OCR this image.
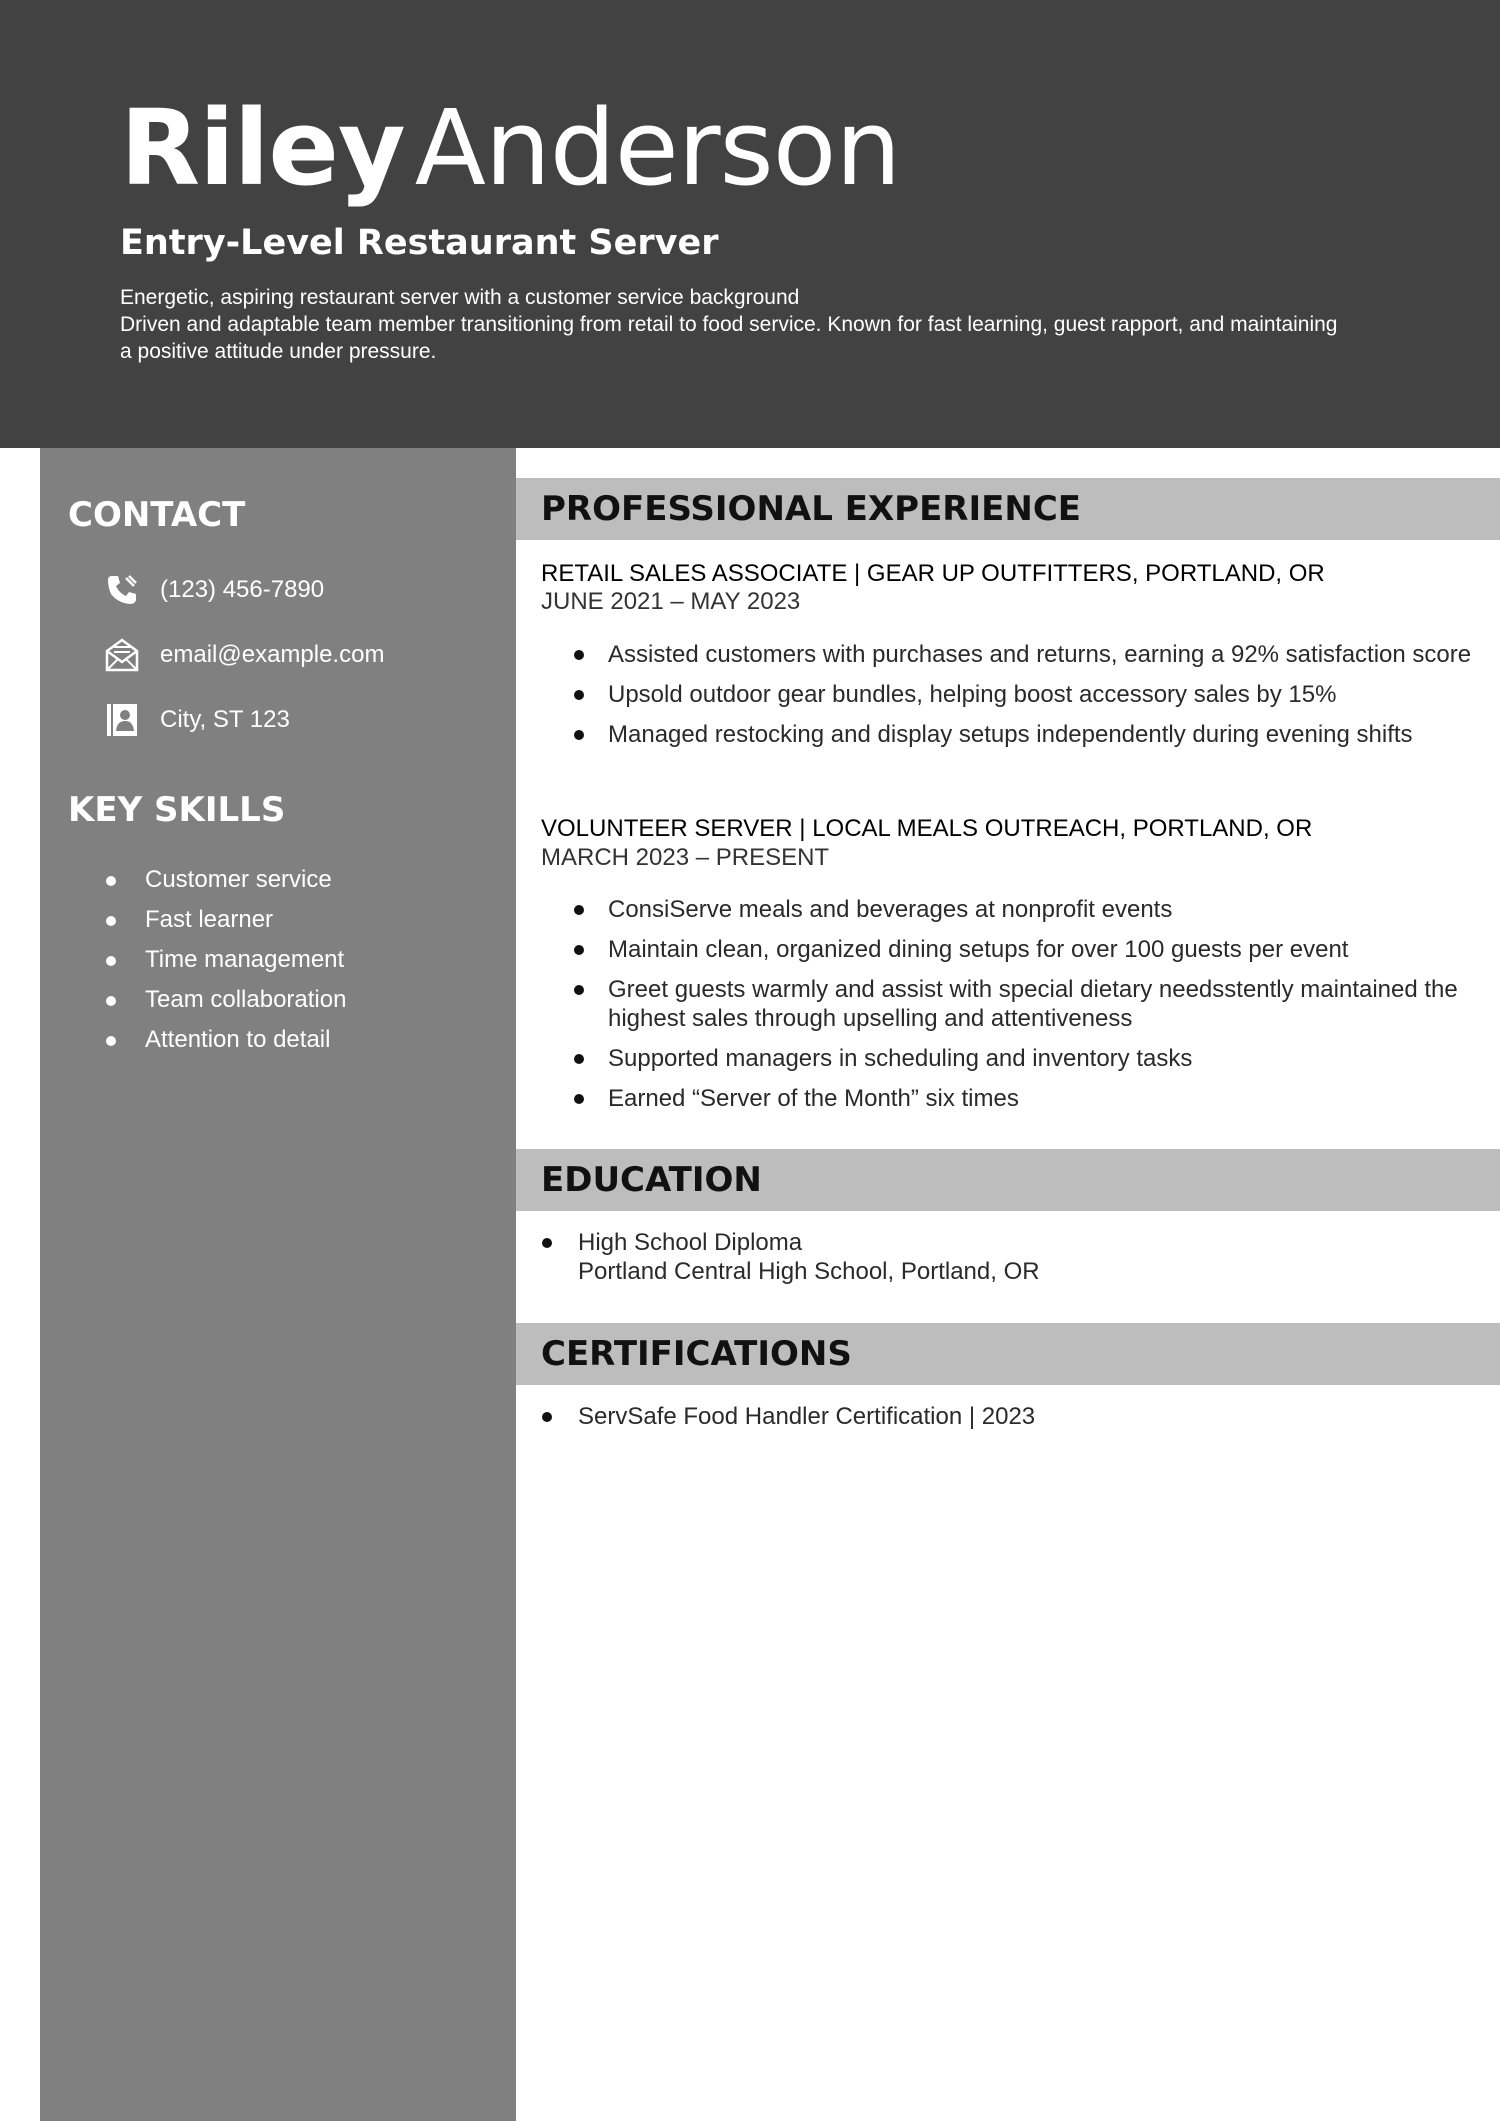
RileyAnderson
Entry-Level Restaurant Server
Energetic, aspiring restaurant server with a customer service background
Driven and adaptable team member transitioning from retail to food service. Known for fast learning, guest rapport, and maintaining a positive attitude under pressure.
CONTACT
(123) 456-7890
email@example.com
City, ST 123
KEY SKILLS
Customer service
Fast learner
Time management
Team collaboration
Attention to detail
PROFESSIONAL EXPERIENCE
RETAIL SALES ASSOCIATE | GEAR UP OUTFITTERS, PORTLAND, OR
JUNE 2021 – MAY 2023
Assisted customers with purchases and returns, earning a 92% satisfaction score
Upsold outdoor gear bundles, helping boost accessory sales by 15%
Managed restocking and display setups independently during evening shifts
VOLUNTEER SERVER | LOCAL MEALS OUTREACH, PORTLAND, OR
MARCH 2023 – PRESENT
ConsiServe meals and beverages at nonprofit events
Maintain clean, organized dining setups for over 100 guests per event
Greet guests warmly and assist with special dietary needsstently maintained the highest sales through upselling and attentiveness
Supported managers in scheduling and inventory tasks
Earned “Server of the Month” six times
EDUCATION
High School Diploma
Portland Central High School, Portland, OR
CERTIFICATIONS
ServSafe Food Handler Certification | 2023
